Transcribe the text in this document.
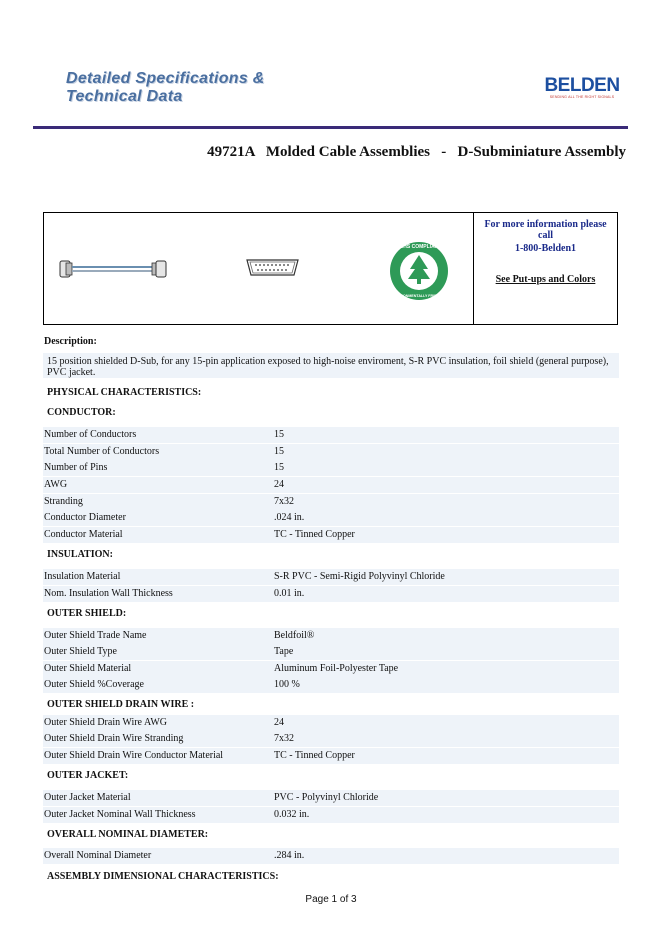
Detailed Specifications &
Technical Data
BELDEN
SENDING ALL THE RIGHT SIGNALS
49721A   Molded Cable Assemblies   -   D-Subminiature Assembly
RoHS COMPLIANT
ENVIRONMENTALLY FRIENDLY
For more information please call
1-800-Belden1
See Put-ups and Colors
Description:
15 position shielded D-Sub, for any 15-pin application exposed to high-noise enviroment, S-R PVC insulation, foil shield (general purpose), PVC jacket.
PHYSICAL CHARACTERISTICS:
CONDUCTOR:
Number of Conductors	15
Total Number of Conductors	15
Number of Pins	15
AWG	24
Stranding	7x32
Conductor Diameter	.024 in.
Conductor Material	TC - Tinned Copper
INSULATION:
Insulation Material	S-R PVC - Semi-Rigid Polyvinyl Chloride
Nom. Insulation Wall Thickness	0.01 in.
OUTER SHIELD:
Outer Shield Trade Name	Beldfoil®
Outer Shield Type	Tape
Outer Shield Material	Aluminum Foil-Polyester Tape
Outer Shield %Coverage	100 %
OUTER SHIELD DRAIN WIRE :
Outer Shield Drain Wire AWG	24
Outer Shield Drain Wire Stranding	7x32
Outer Shield Drain Wire Conductor Material	TC - Tinned Copper
OUTER JACKET:
Outer Jacket Material	PVC - Polyvinyl Chloride
Outer Jacket Nominal Wall Thickness	0.032 in.
OVERALL NOMINAL DIAMETER:
Overall Nominal Diameter	.284 in.
ASSEMBLY DIMENSIONAL CHARACTERISTICS:
Page 1 of 3
